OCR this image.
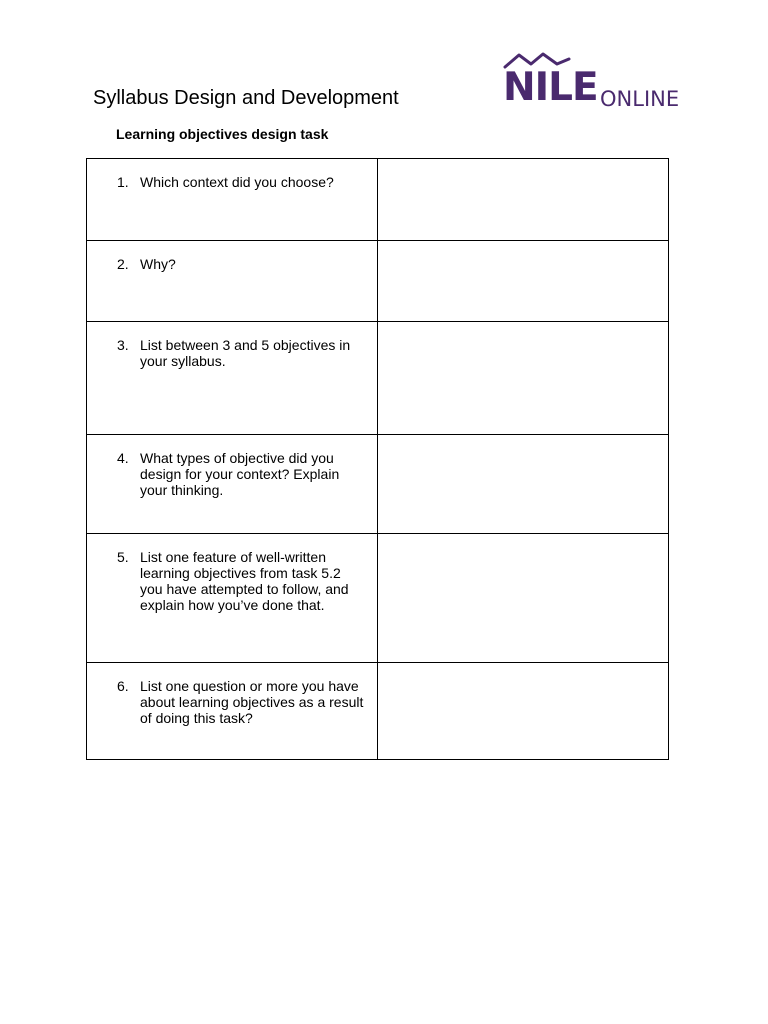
Syllabus Design and Development
Learning objectives design task
NILE ONLINE
1. Which context did you choose?	

2. Why?	

3. List between 3 and 5 objectives in your syllabus.	

4. What types of objective did you design for your context? Explain your thinking.	

5. List one feature of well-written learning objectives from task 5.2 you have attempted to follow, and explain how you’ve done that.	

6. List one question or more you have about learning objectives as a result of doing this task?	
